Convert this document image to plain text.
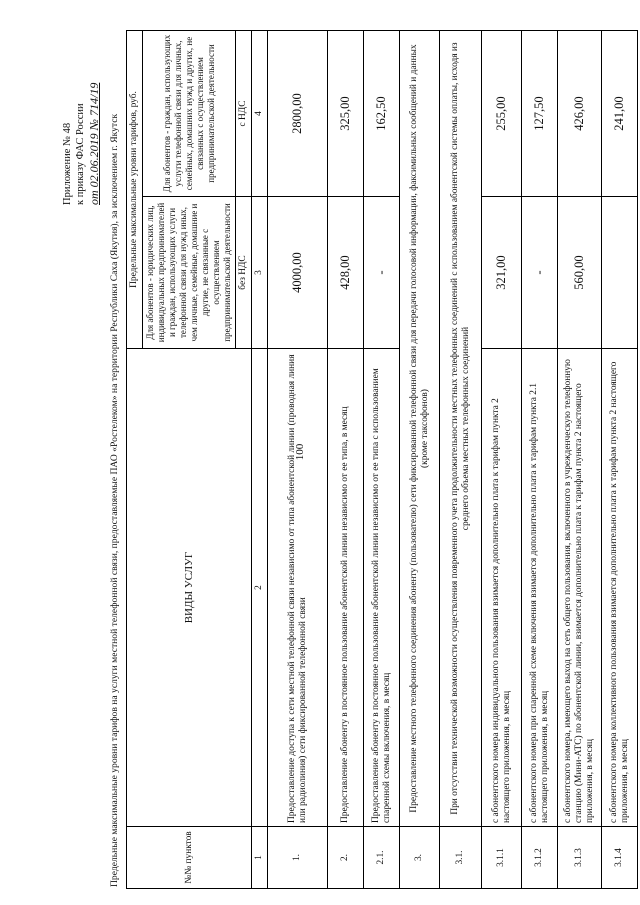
100
Приложение № 48 к приказу ФАС России от 02.06.2019 № 714/19 Предельные максимальные уровни тарифов на услуги местной телефонной связи, предоставляемые ПАО «Ростелеком» на территории Республики Саха (Якутия), за исключением г. Якутск	№№ пунктов	ВИДЫ УСЛУГ	Предельные максимальные уровни тарифов, руб.	
		Для абонентов - юридических лиц, индивидуальных предпринимателей и граждан, использующих услуги телефонной связи для нужд иных, чем личные, семейные, домашние и другие, не связанные с осуществлением предпринимательской деятельности	Для абонентов - граждан, использующих услуги телефонной связи для личных, семейных, домашних нужд и других, не связанных с осуществлением предпринимательской деятельности
		без НДС	с НДС
1	2	3	4
1.	Предоставление доступа к сети местной телефонной связи независимо от типа абонентской линии (проводная линия или радиолиния) сети фиксированной телефонной связи	4000,00	2800,00
2.	Предоставление абоненту в постоянное пользование абонентской линии независимо от ее типа, в месяц	428,00	325,00
2.1.	Предоставление абоненту в постоянное пользование абонентской линии независимо от ее типа с использованием спаренной схемы включения, в месяц	-	162,50
3.	Предоставление местного телефонного соединения абоненту (пользователю) сети фиксированной телефонной связи для передачи голосовой информации, факсимильных сообщений и данных (кроме таксофонов)		
3.1.	При отсутствии технической возможности осуществления повременного учета продолжительности местных телефонных соединений с использованием абонентской системы оплаты, исходя из среднего объема местных телефонных соединений		
3.1.1	с абонентского номера индивидуального пользования взимается дополнительно плата к тарифам пункта 2 настоящего приложения, в месяц	321,00	255,00
3.1.2	с абонентского номера при спаренной схеме включения взимается дополнительно плата к тарифам пункта 2.1 настоящего приложения, в месяц	-	127,50
3.1.3	с абонентского номера, имеющего выход на сеть общего пользования, включенного в учрежденческую телефонную станцию (Мини-АТС) по абонентской линии, взимается дополнительно плата к тарифам пункта 2 настоящего приложения, в месяц	560,00	426,00
3.1.4	с абонентского номера коллективного пользования взимается дополнительно плата к тарифам пункта 2 настоящего приложения, в месяц		241,00
